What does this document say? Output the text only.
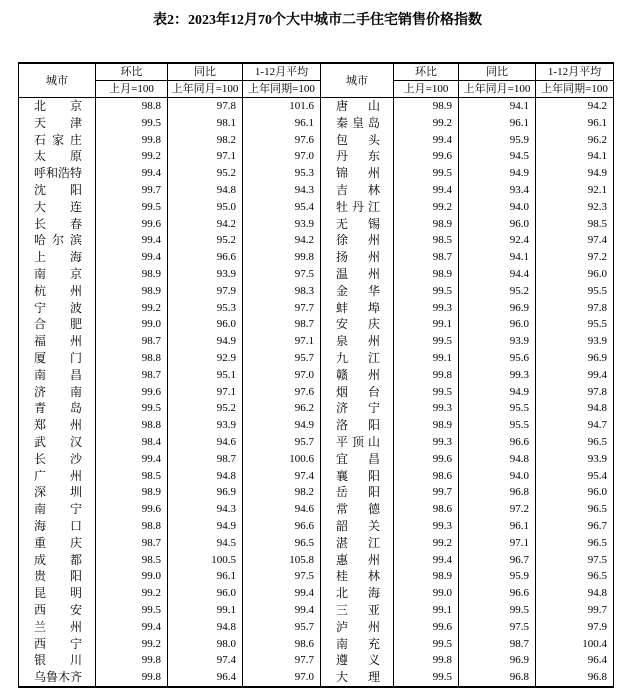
表2：2023年12月70个大中城市二手住宅销售价格指数
城市	环比	同比	1-12月平均	城市	环比	同比	1-12月平均
	上月=100	上年同月=100	上年同期=100		上月=100	上年同月=100	上年同期=100
北京	98.8	97.8	101.6	唐山	98.9	94.1	94.2
天津	99.5	98.1	96.1	秦皇岛	99.2	96.1	96.1
石家庄	99.8	98.2	97.6	包头	99.4	95.9	96.2
太原	99.2	97.1	97.0	丹东	99.6	94.5	94.1
呼和浩特	99.4	95.2	95.3	锦州	99.5	94.9	94.9
沈阳	99.7	94.8	94.3	吉林	99.4	93.4	92.1
大连	99.5	95.0	95.4	牡丹江	99.2	94.0	92.3
长春	99.6	94.2	93.9	无锡	98.9	96.0	98.5
哈尔滨	99.4	95.2	94.2	徐州	98.5	92.4	97.4
上海	99.4	96.6	99.8	扬州	98.7	94.1	97.2
南京	98.9	93.9	97.5	温州	98.9	94.4	96.0
杭州	98.9	97.9	98.3	金华	99.5	95.2	95.5
宁波	99.2	95.3	97.7	蚌埠	99.3	96.9	97.8
合肥	99.0	96.0	98.7	安庆	99.1	96.0	95.5
福州	98.7	94.9	97.1	泉州	99.5	93.9	93.9
厦门	98.8	92.9	95.7	九江	99.1	95.6	96.9
南昌	98.7	95.1	97.0	赣州	99.8	99.3	99.4
济南	99.6	97.1	97.6	烟台	99.5	94.9	97.8
青岛	99.5	95.2	96.2	济宁	99.3	95.5	94.8
郑州	98.8	93.9	94.9	洛阳	98.9	95.5	94.7
武汉	98.4	94.6	95.7	平顶山	99.3	96.6	96.5
长沙	99.4	98.7	100.6	宜昌	99.6	94.8	93.9
广州	98.5	94.8	97.4	襄阳	98.6	94.0	95.4
深圳	98.9	96.9	98.2	岳阳	99.7	96.8	96.0
南宁	99.6	94.3	94.6	常德	98.6	97.2	96.5
海口	98.8	94.9	96.6	韶关	99.3	96.1	96.7
重庆	98.7	94.5	96.5	湛江	99.2	97.1	96.5
成都	98.5	100.5	105.8	惠州	99.4	96.7	97.5
贵阳	99.0	96.1	97.5	桂林	98.9	95.9	96.5
昆明	99.2	96.0	99.4	北海	99.0	96.6	94.8
西安	99.5	99.1	99.4	三亚	99.1	99.5	99.7
兰州	99.4	94.8	95.7	泸州	99.6	97.5	97.9
西宁	99.2	98.0	98.6	南充	99.5	98.7	100.4
银川	99.8	97.4	97.7	遵义	99.8	96.9	96.4
乌鲁木齐	99.8	96.4	97.0	大理	99.5	96.8	96.8
